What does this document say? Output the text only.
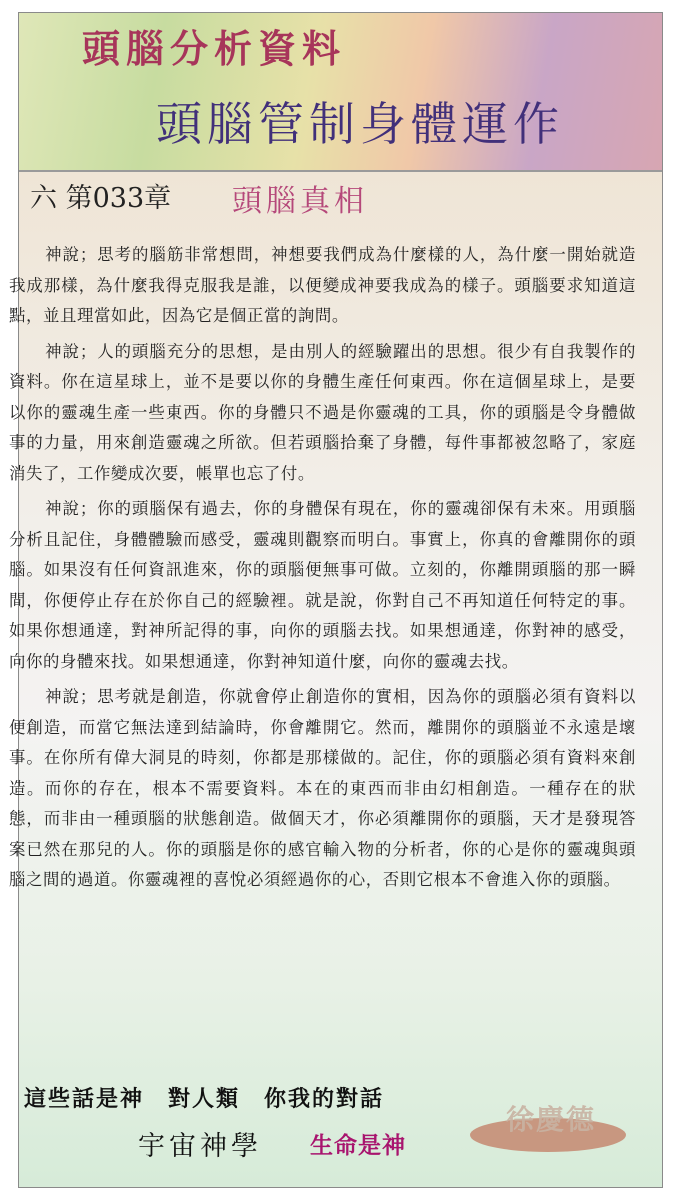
頭腦分析資料
頭腦管制身體運作
六 第033章 頭腦真相

神說；思考的腦筋非常想問，神想要我們成為什麼樣的人，為什麼一開始就造我成那樣，為什麼我得克服我是誰，以便變成神要我成為的樣子。頭腦要求知道這點，並且理當如此，因為它是個正當的詢問。

神說；人的頭腦充分的思想，是由別人的經驗躍出的思想。很少有自我製作的資料。你在這星球上，並不是要以你的身體生產任何東西。你在這個星球上，是要以你的靈魂生產一些東西。你的身體只不過是你靈魂的工具，你的頭腦是令身體做事的力量，用來創造靈魂之所欲。但若頭腦拾棄了身體，每件事都被忽略了，家庭消失了，工作變成次要，帳單也忘了付。

神說；你的頭腦保有過去，你的身體保有現在，你的靈魂卻保有未來。用頭腦分析且記住，身體體驗而感受，靈魂則觀察而明白。事實上，你真的會離開你的頭腦。如果沒有任何資訊進來，你的頭腦便無事可做。立刻的，你離開頭腦的那一瞬間，你便停止存在於你自己的經驗裡。就是說，你對自己不再知道任何特定的事。如果你想通達，對神所記得的事，向你的頭腦去找。如果想通達，你對神的感受，向你的身體來找。如果想通達，你對神知道什麼，向你的靈魂去找。

神說；思考就是創造，你就會停止創造你的實相，因為你的頭腦必須有資料以便創造，而當它無法達到結論時，你會離開它。然而，離開你的頭腦並不永遠是壞事。在你所有偉大洞見的時刻，你都是那樣做的。記住，你的頭腦必須有資料來創造。而你的存在，根本不需要資料。本在的東西而非由幻相創造。一種存在的狀態，而非由一種頭腦的狀態創造。做個天才，你必須離開你的頭腦，天才是發現答案已然在那兒的人。你的頭腦是你的感官輸入物的分析者，你的心是你的靈魂與頭腦之間的過道。你靈魂裡的喜悅必須經過你的心，否則它根本不會進入你的頭腦。

這些話是神　對人類　你我的對話
宇宙神學 生命是神
徐慶德
